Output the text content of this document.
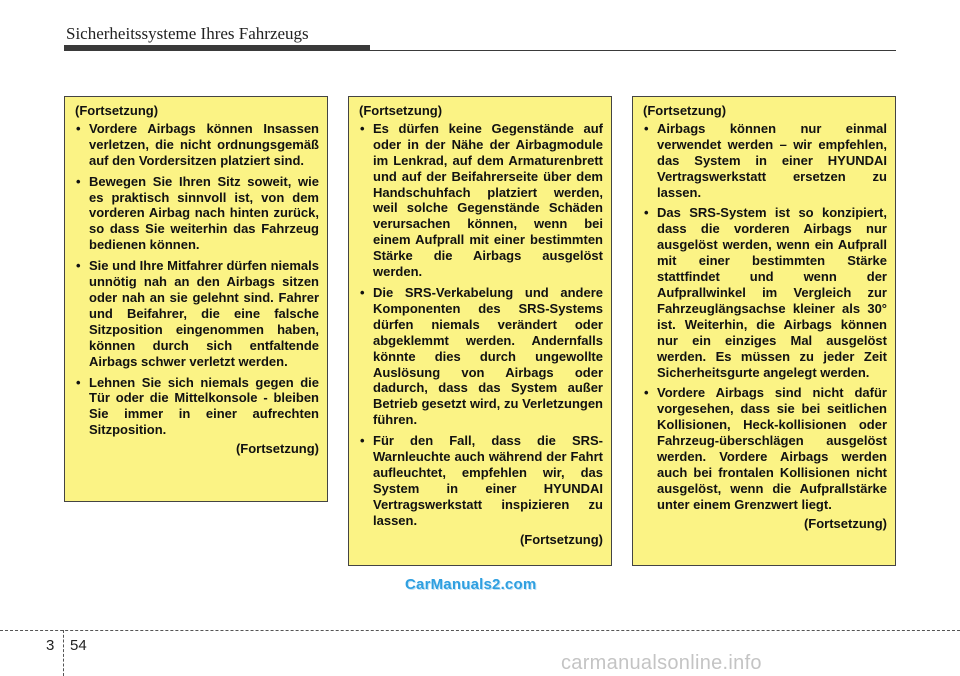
Sicherheitssysteme Ihres Fahrzeugs
(Fortsetzung)
• Vordere Airbags können Insassen verletzen, die nicht ordnungsgemäß auf den Vordersitzen platziert sind.
• Bewegen Sie Ihren Sitz soweit, wie es praktisch sinnvoll ist, von dem vorderen Airbag nach hinten zurück, so dass Sie weiterhin das Fahrzeug bedienen können.
• Sie und Ihre Mitfahrer dürfen niemals unnötig nah an den Airbags sitzen oder nah an sie gelehnt sind. Fahrer und Beifahrer, die eine falsche Sitzposition eingenommen haben, können durch sich entfaltende Airbags schwer verletzt werden.
• Lehnen Sie sich niemals gegen die Tür oder die Mittelkonsole - bleiben Sie immer in einer aufrechten Sitzposition.
(Fortsetzung)
(Fortsetzung)
• Es dürfen keine Gegenstände auf oder in der Nähe der Airbagmodule im Lenkrad, auf dem Armaturenbrett und auf der Beifahrerseite über dem Handschuhfach platziert werden, weil solche Gegenstände Schäden verursachen können, wenn bei einem Aufprall mit einer bestimmten Stärke die Airbags ausgelöst werden.
• Die SRS-Verkabelung und andere Komponenten des SRS-Systems dürfen niemals verändert oder abgeklemmt werden. Andernfalls könnte dies durch ungewollte Auslösung von Airbags oder dadurch, dass das System außer Betrieb gesetzt wird, zu Verletzungen führen.
• Für den Fall, dass die SRS-Warnleuchte auch während der Fahrt aufleuchtet, empfehlen wir, das System in einer HYUNDAI Vertragswerkstatt inspizieren zu lassen.
(Fortsetzung)
(Fortsetzung)
• Airbags können nur einmal verwendet werden – wir empfehlen, das System in einer HYUNDAI Vertragswerkstatt ersetzen zu lassen.
• Das SRS-System ist so konzipiert, dass die vorderen Airbags nur ausgelöst werden, wenn ein Aufprall mit einer bestimmten Stärke stattfindet und wenn der Aufprallwinkel im Vergleich zur Fahrzeuglängsachse kleiner als 30° ist. Weiterhin, die Airbags können nur ein einziges Mal ausgelöst werden. Es müssen zu jeder Zeit Sicherheitsgurte angelegt werden.
• Vordere Airbags sind nicht dafür vorgesehen, dass sie bei seitlichen Kollisionen, Heck-kollisionen oder Fahrzeug-überschlägen ausgelöst werden. Vordere Airbags werden auch bei frontalen Kollisionen nicht ausgelöst, wenn die Aufprallstärke unter einem Grenzwert liegt.
(Fortsetzung)
CarManuals2.com
3 54
carmanualsonline.info
